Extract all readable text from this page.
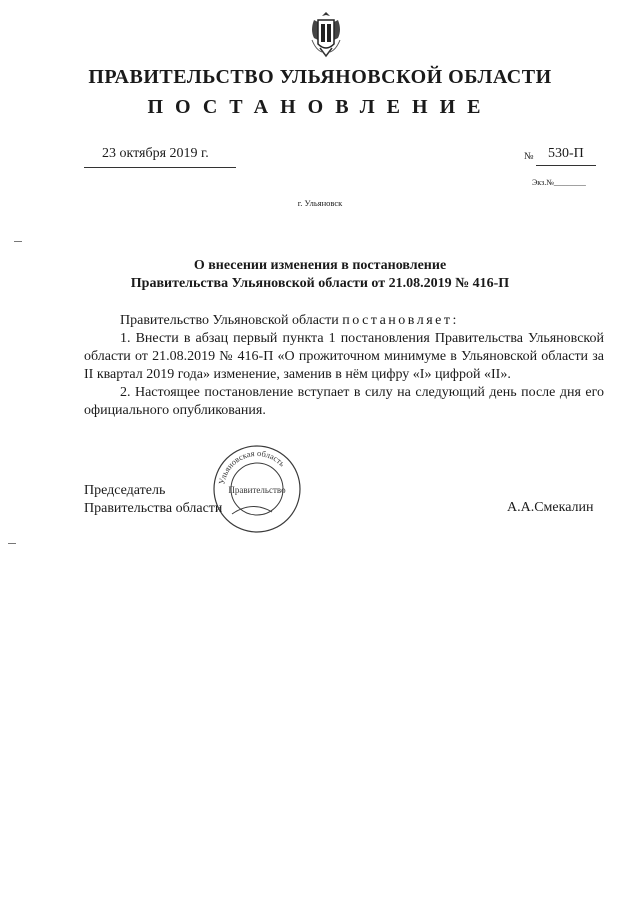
ПРАВИТЕЛЬСТВО УЛЬЯНОВСКОЙ ОБЛАСТИ
ПОСТАНОВЛЕНИЕ
23 октября 2019 г.	№ 530-П
Экз.№________
г. Ульяновск
О внесении изменения в постановление
Правительства Ульяновской области от 21.08.2019 № 416-П

Правительство Ульяновской области постановляет:

1. Внести в абзац первый пункта 1 постановления Правительства Ульяновской области от 21.08.2019 № 416-П «О прожиточном минимуме в Ульяновской области за II квартал 2019 года» изменение, заменив в нём цифру «I» цифрой «II».

2. Настоящее постановление вступает в силу на следующий день после дня его официального опубликования.

Ульяновская область
Правительство
Председатель
Правительства области	А.А.Смекалин
